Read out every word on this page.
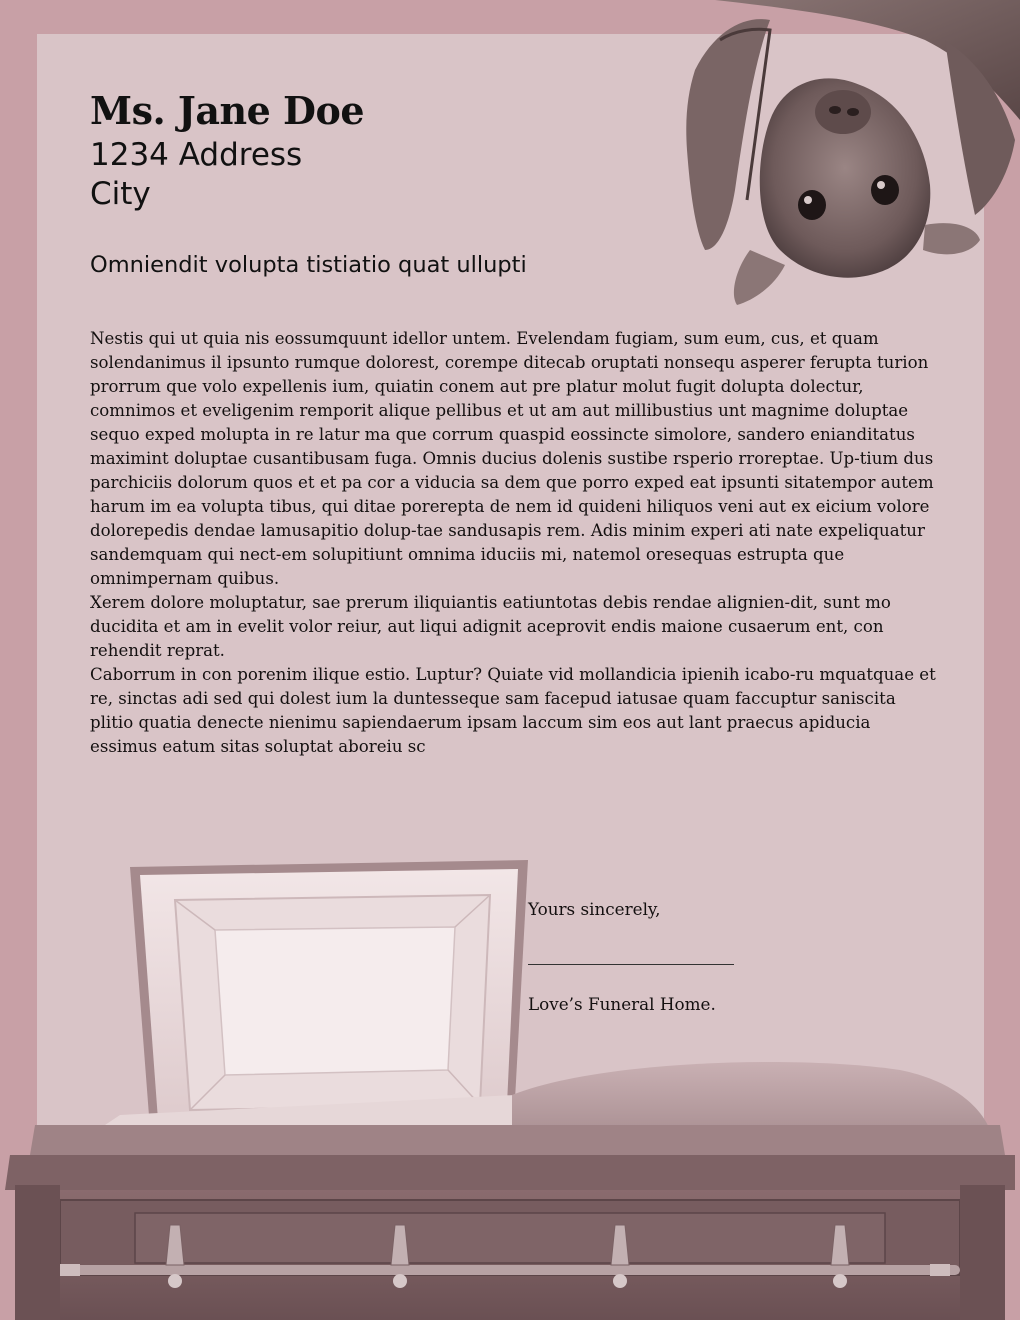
Ms. Jane Doe
1234 Address
City
Omniendit volupta tistiatio quat ullupti

Nestis qui ut quia nis eossumquunt idellor untem. Evelendam fugiam, sum eum, cus, et quam solendanimus il ipsunto rumque dolorest, corempe ditecab oruptati nonsequ asperer ferupta turion prorrum que volo expellenis ium, quiatin conem aut pre platur molut fugit dolupta dolectur, comnimos et eveligenim remporit alique pellibus et ut am aut millibustius unt magnime doluptae sequo exped molupta in re latur ma que corrum quaspid eossincte simolore, sandero enianditatus maximint doluptae cusantibusam fuga. Omnis ducius dolenis sustibe rsperio rroreptae. Up-tium dus parchiciis dolorum quos et et pa cor a viducia sa dem que porro exped eat ipsunti sitatempor autem harum im ea volupta tibus, qui ditae porerepta de nem id quideni hiliquos veni aut ex eicium volore dolorepedis dendae lamusapitio dolup-tae sandusapis rem. Adis minim experi ati nate expeliquatur sandemquam qui nect-em solupitiunt omnima iduciis mi, natemol oresequas estrupta que omnimpernam quibus.

Xerem dolore moluptatur, sae prerum iliquiantis eatiuntotas debis rendae alignien-dit, sunt mo ducidita et am in evelit volor reiur, aut liqui adignit aceprovit endis maione cusaerum ent, con rehendit reprat.

Caborrum in con porenim ilique estio. Luptur? Quiate vid mollandicia ipienih icabo-ru mquatquae et re, sinctas adi sed qui dolest ium la duntesseque sam facepud iatusae quam faccuptur saniscita plitio quatia denecte nienimu sapiendaerum ipsam laccum sim eos aut lant praecus apiducia essimus eatum sitas soluptat aboreiu sc

Yours sincerely,
Love’s Funeral Home.
